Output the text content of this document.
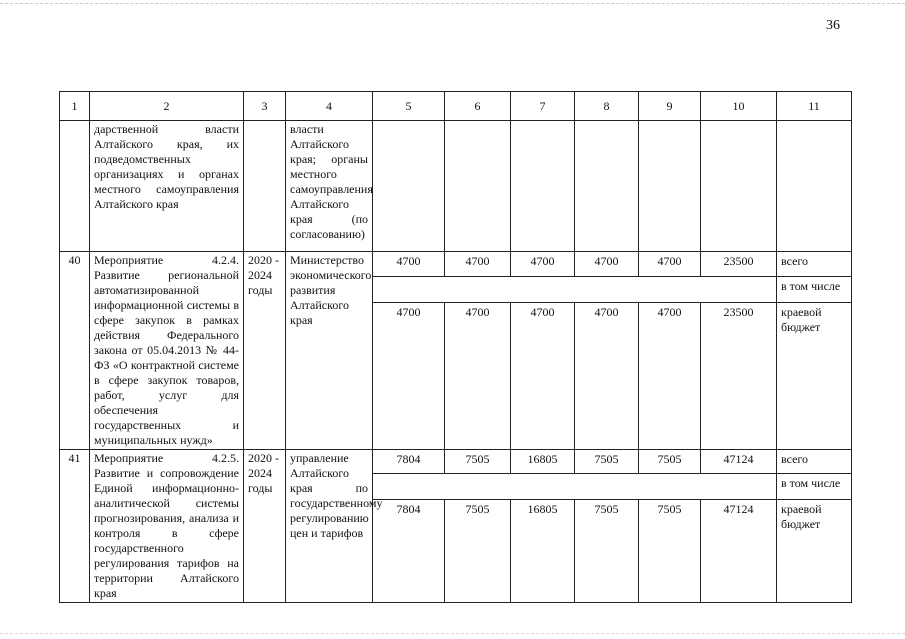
36
1	2	3	4	5	6	7	8	9	10	11
	дарственной власти Алтайского края, их подведомственных организациях и органах местного самоуправления Алтайского края		власти Алтайского края; органы местного самоуправления Алтайского края (по согласованию)							
40	Мероприятие 4.2.4. Развитие региональной автоматизированной информационной системы в сфере закупок в рамках действия Федерального закона от 05.04.2013 № 44-ФЗ «О контрактной системе в сфере закупок товаров, работ, услуг для обеспечения государственных и муниципальных нужд»	2020 - 2024 годы	Министерство экономического развития Алтайского края	4700	4700	4700	4700	4700	23500	всего
										в том числе
				4700	4700	4700	4700	4700	23500	краевой бюджет
41	Мероприятие 4.2.5. Развитие и сопровождение Единой информационно-аналитической системы прогнозирования, анализа и контроля в сфере государственного регулирования тарифов на территории Алтайского края	2020 - 2024 годы	управление Алтайского края по государственному регулированию цен и тарифов	7804	7505	16805	7505	7505	47124	всего
										в том числе
				7804	7505	16805	7505	7505	47124	краевой бюджет
